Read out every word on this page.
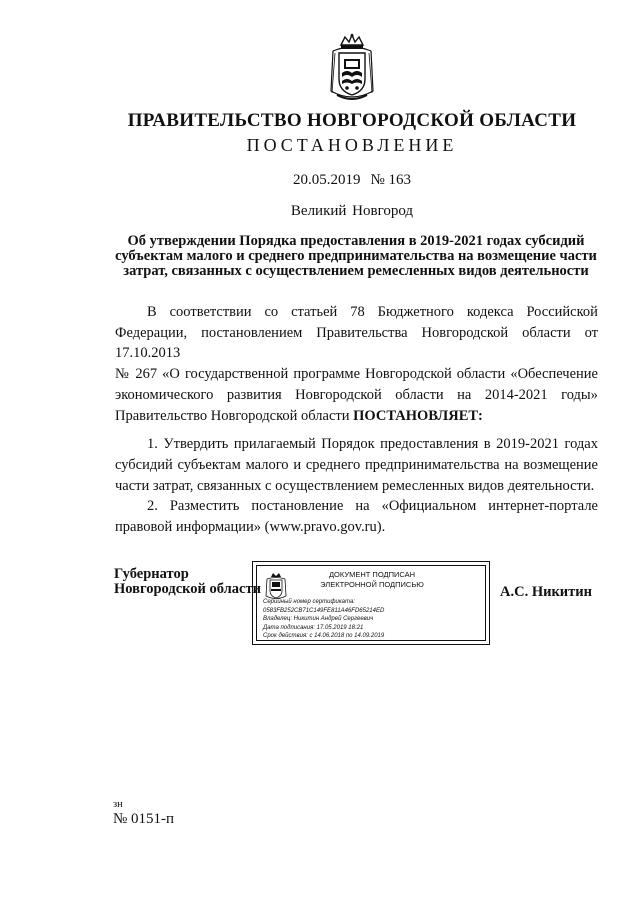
ПРАВИТЕЛЬСТВО НОВГОРОДСКОЙ ОБЛАСТИ
ПОСТАНОВЛЕНИЕ
20.05.2019 № 163
Великий Новгород
Об утверждении Порядка предоставления в 2019-2021 годах субсидий
субъектам малого и среднего предпринимательства на возмещение части
затрат, связанных с осуществлением ремесленных видов деятельности
В соответствии со статьей 78 Бюджетного кодекса Российской

Федерации, постановлением Правительства Новгородской области от 17.10.2013

№ 267 «О государственной программе Новгородской области «Обеспечение

экономического развития Новгородской области на 2014-2021 годы»

Правительство Новгородской области ПОСТАНОВЛЯЕТ:

1. Утвердить прилагаемый Порядок предоставления в 2019-2021 годах

субсидий субъектам малого и среднего предпринимательства на возмещение

части затрат, связанных с осуществлением ремесленных видов деятельности.

2. Разместить постановление на «Официальном интернет-портале

правовой информации» (www.pravo.gov.ru).

Губернатор
Новгородской области
ДОКУМЕНТ ПОДПИСАН
ЭЛЕКТРОННОЙ ПОДПИСЬЮ
Серийный номер сертификата:
0583FB252CB71C149FE811A46FD65214ED
Владелец: Никитин Андрей Сергеевич
Дата подписания: 17.05.2019 18:21
Срок действия: с 14.06.2018 по 14.09.2019
А.С. Никитин
зн
№ 0151-п
